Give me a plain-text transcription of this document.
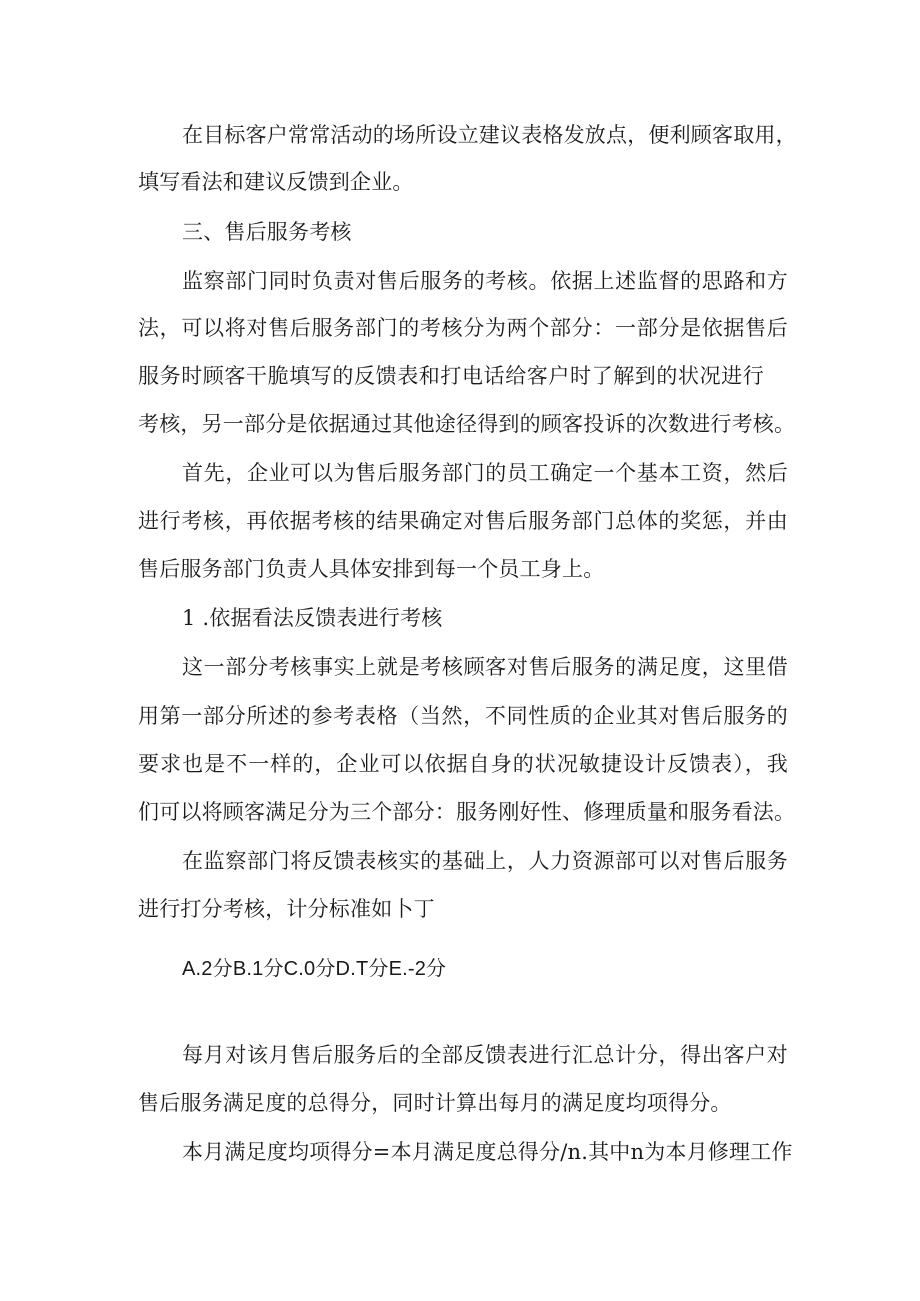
在目标客户常常活动的场所设立建议表格发放点，便利顾客取用，
填写看法和建议反馈到企业。
三、售后服务考核
监察部门同时负责对售后服务的考核。依据上述监督的思路和方
法，可以将对售后服务部门的考核分为两个部分：一部分是依据售后
服务时顾客干脆填写的反馈表和打电话给客户时了解到的状况进行
考核，另一部分是依据通过其他途径得到的顾客投诉的次数进行考核。
首先，企业可以为售后服务部门的员工确定一个基本工资，然后
进行考核，再依据考核的结果确定对售后服务部门总体的奖惩，并由
售后服务部门负责人具体安排到每一个员工身上。
1 .依据看法反馈表进行考核
这一部分考核事实上就是考核顾客对售后服务的满足度，这里借
用第一部分所述的参考表格（当然，不同性质的企业其对售后服务的
要求也是不一样的，企业可以依据自身的状况敏捷设计反馈表），我
们可以将顾客满足分为三个部分：服务刚好性、修理质量和服务看法。
在监察部门将反馈表核实的基础上，人力资源部可以对售后服务
进行打分考核，计分标准如卜丁
A.2分B.1分C.0分D.T分E.-2分
每月对该月售后服务后的全部反馈表进行汇总计分，得出客户对
售后服务满足度的总得分，同时计算出每月的满足度均项得分。
本月满足度均项得分=本月满足度总得分/n.其中n为本月修理工作
